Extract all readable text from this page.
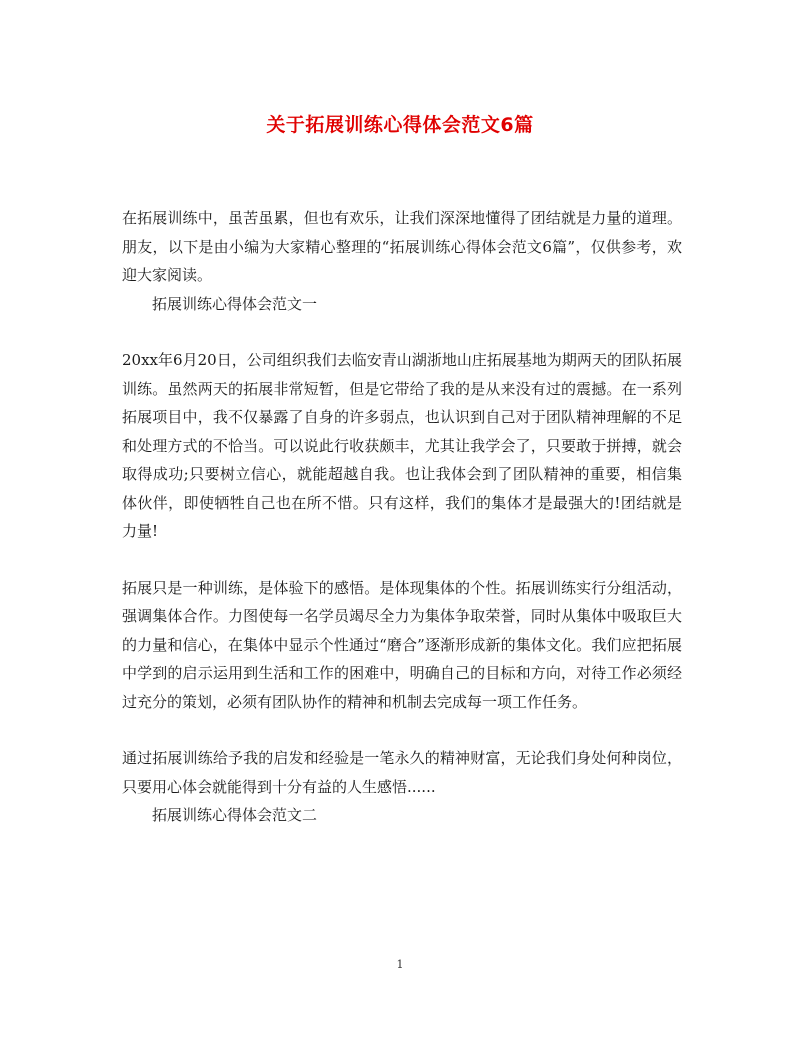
关于拓展训练心得体会范文6篇

在拓展训练中，虽苦虽累，但也有欢乐，让我们深深地懂得了团结就是力量的道理。朋友，以下是由小编为大家精心整理的“拓展训练心得体会范文6篇”，仅供参考，欢迎大家阅读。

拓展训练心得体会范文一

20xx年6月20日，公司组织我们去临安青山湖浙地山庄拓展基地为期两天的团队拓展训练。虽然两天的拓展非常短暂，但是它带给了我的是从来没有过的震撼。在一系列拓展项目中，我不仅暴露了自身的许多弱点，也认识到自己对于团队精神理解的不足和处理方式的不恰当。可以说此行收获颇丰，尤其让我学会了，只要敢于拼搏，就会取得成功;只要树立信心，就能超越自我。也让我体会到了团队精神的重要，相信集体伙伴，即使牺牲自己也在所不惜。只有这样，我们的集体才是最强大的!团结就是力量!

拓展只是一种训练，是体验下的感悟。是体现集体的个性。拓展训练实行分组活动，强调集体合作。力图使每一名学员竭尽全力为集体争取荣誉，同时从集体中吸取巨大的力量和信心，在集体中显示个性通过“磨合”逐渐形成新的集体文化。我们应把拓展中学到的启示运用到生活和工作的困难中，明确自己的目标和方向，对待工作必须经过充分的策划，必须有团队协作的精神和机制去完成每一项工作任务。

通过拓展训练给予我的启发和经验是一笔永久的精神财富，无论我们身处何种岗位，只要用心体会就能得到十分有益的人生感悟......

拓展训练心得体会范文二

1
